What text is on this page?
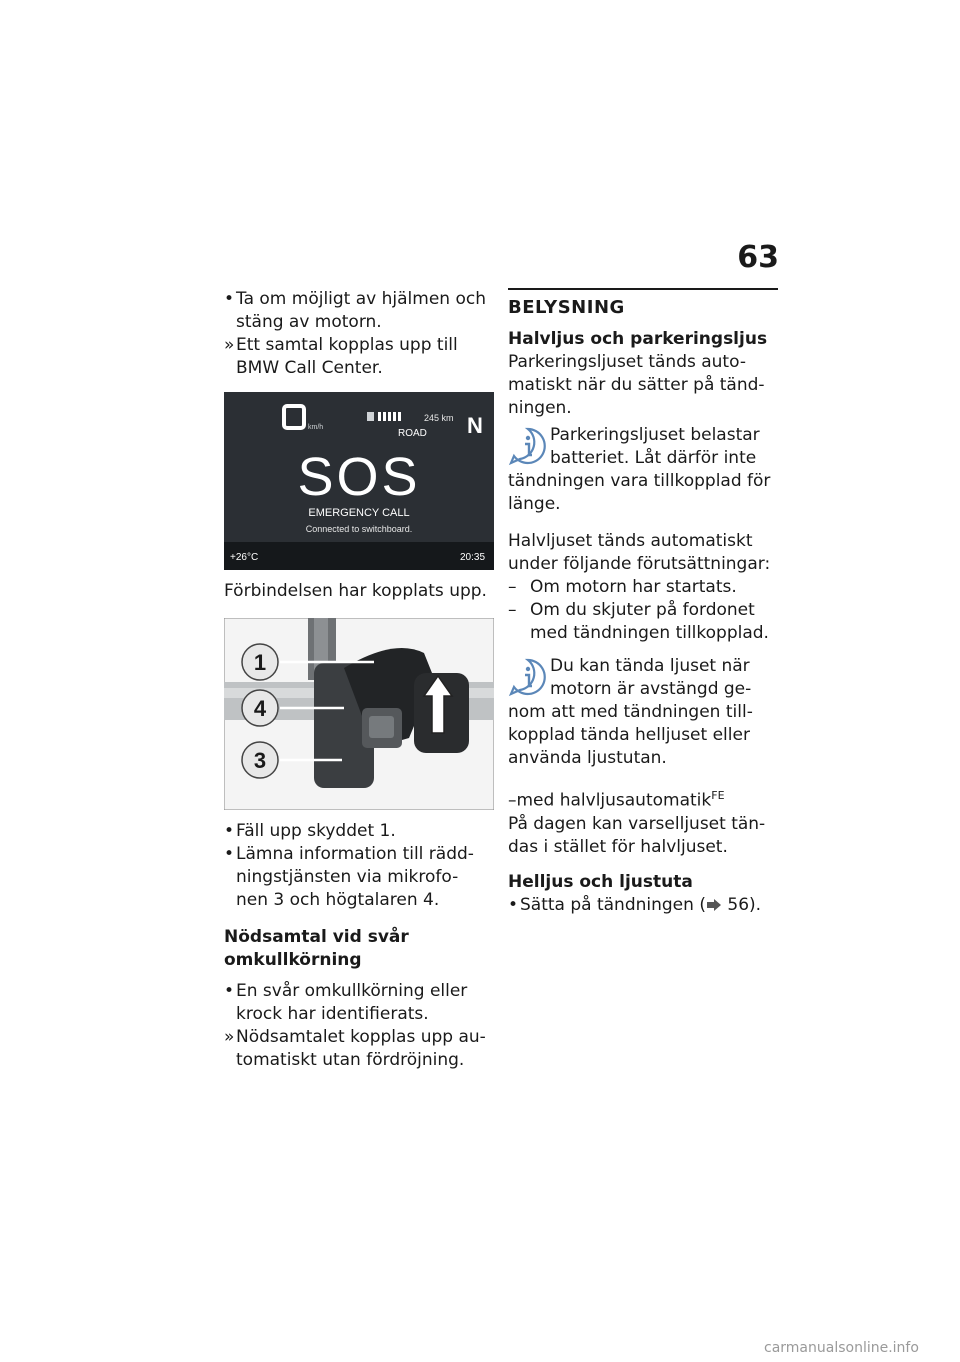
63

• Ta om möjligt av hjälmen och
stäng av motorn.

» Ett samtal kopplas upp till
BMW Call Center.

km/h
245 km
ROAD N
SOS
EMERGENCY CALL
Connected to switchboard.
+26°C	20:35

Förbindelsen har kopplats upp.

1
4
3

• Fäll upp skyddet 1.

• Lämna information till rädd-
ningstjänsten via mikrofo-
nen 3 och högtalaren 4.

Nödsamtal vid svår
omkullkörning

• En svår omkullkörning eller
krock har identifierats.

» Nödsamtalet kopplas upp au-
tomatiskt utan fördröjning.

BELYSNING

Halvljus och parkeringsljus

Parkeringsljuset tänds auto-
matiskt när du sätter på tänd-
ningen.

Parkeringsljuset belastar
batteriet. Låt därför inte
tändningen vara tillkopplad för
länge.

Halvljuset tänds automatiskt
under följande förutsättningar:

– Om motorn har startats.

– Om du skjuter på fordonet
med tändningen tillkopplad.

Du kan tända ljuset när
motorn är avstängd ge-
nom att med tändningen till-
kopplad tända helljuset eller
använda ljustutan.

–med halvljusautomatik$^{FE}$

På dagen kan varselljuset tän-
das i stället för halvljuset.

Helljus och ljustuta

• Sätta på tändningen ( 56).

carmanualsonline.info
